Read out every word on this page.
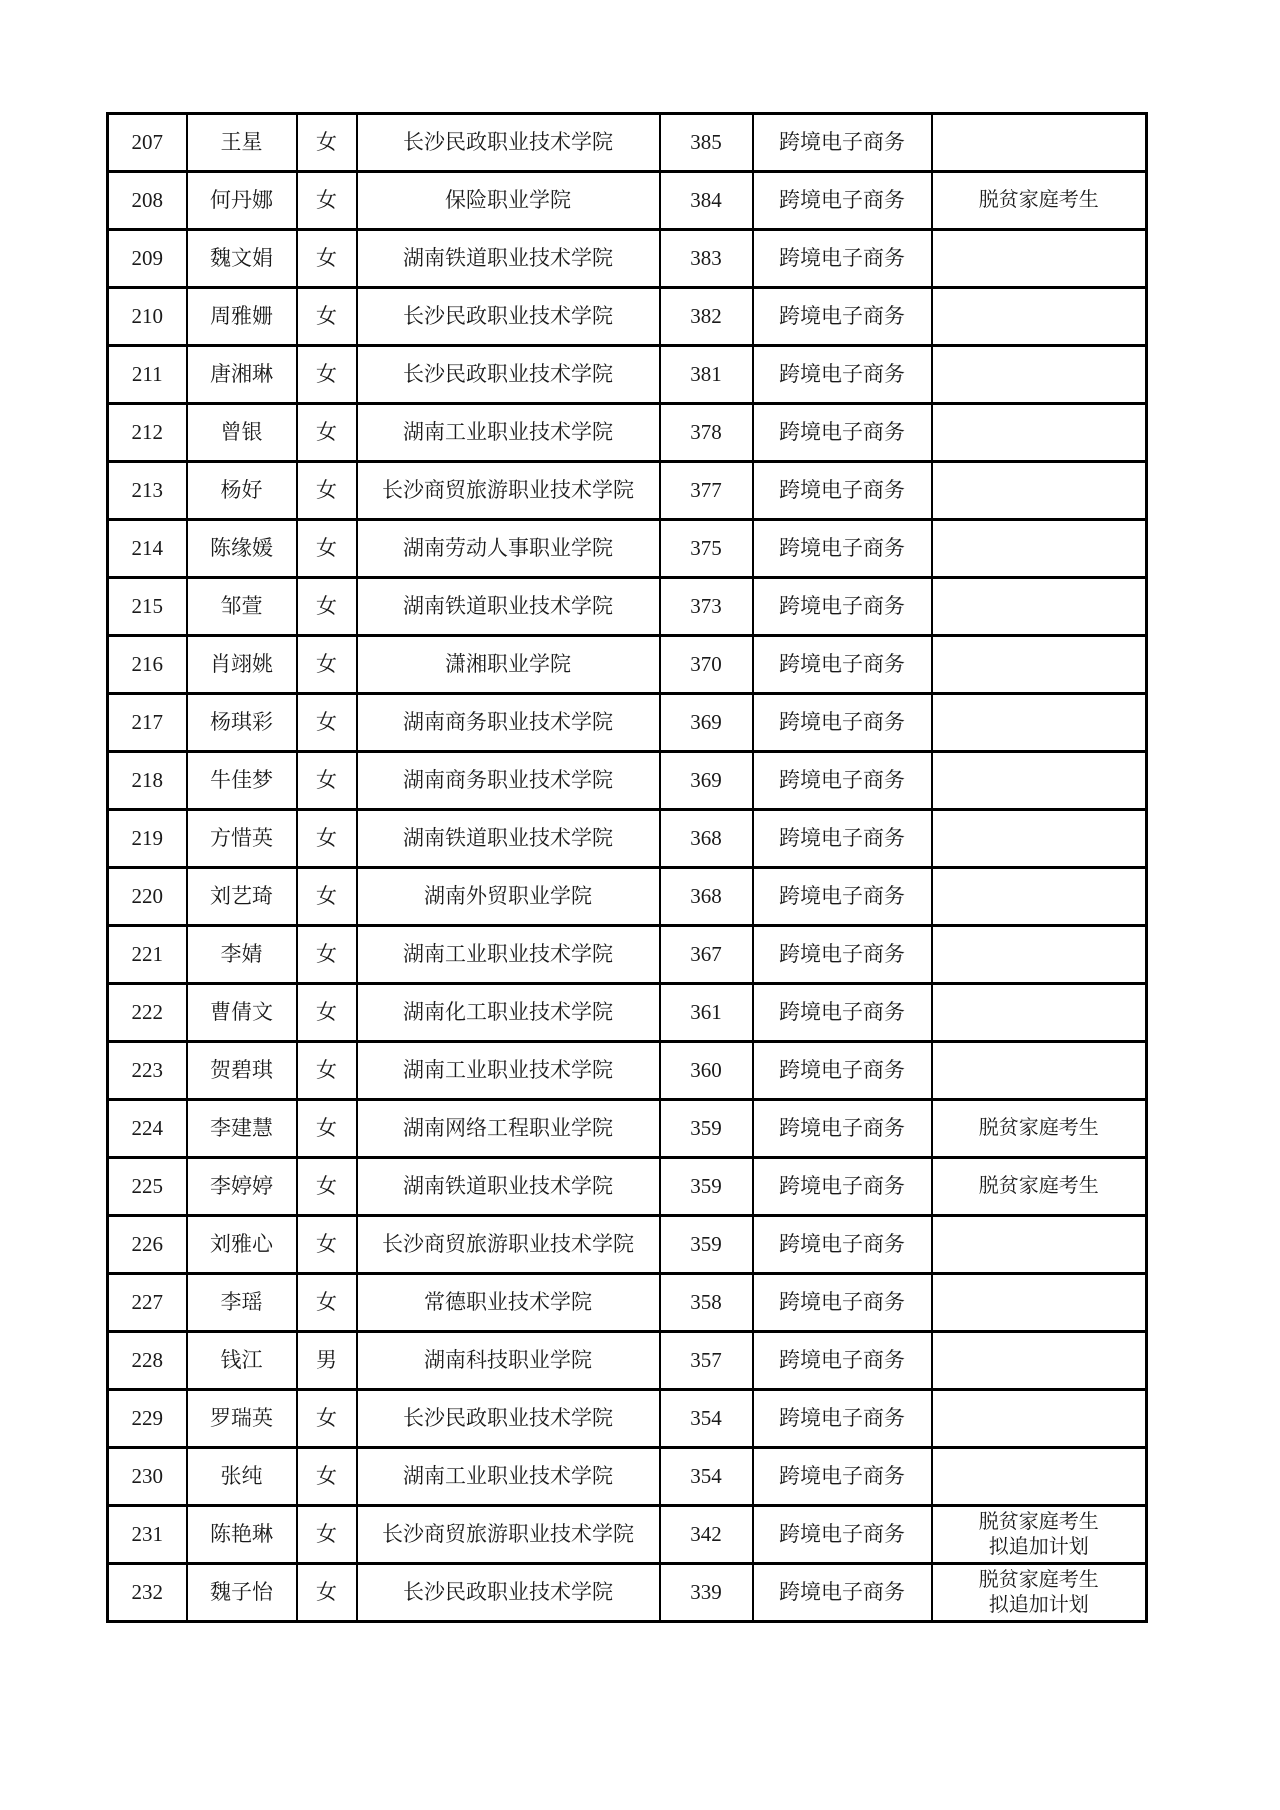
207	王星	女	长沙民政职业技术学院	385	跨境电子商务	
208	何丹娜	女	保险职业学院	384	跨境电子商务	脱贫家庭考生

209	魏文娟	女	湖南铁道职业技术学院	383	跨境电子商务	
210	周雅姗	女	长沙民政职业技术学院	382	跨境电子商务	
211	唐湘琳	女	长沙民政职业技术学院	381	跨境电子商务	
212	曾银	女	湖南工业职业技术学院	378	跨境电子商务	
213	杨好	女	长沙商贸旅游职业技术学院	377	跨境电子商务	
214	陈缘媛	女	湖南劳动人事职业学院	375	跨境电子商务	
215	邹萱	女	湖南铁道职业技术学院	373	跨境电子商务	
216	肖翊姚	女	潇湘职业学院	370	跨境电子商务	
217	杨琪彩	女	湖南商务职业技术学院	369	跨境电子商务	
218	牛佳梦	女	湖南商务职业技术学院	369	跨境电子商务	
219	方惜英	女	湖南铁道职业技术学院	368	跨境电子商务	
220	刘艺琦	女	湖南外贸职业学院	368	跨境电子商务	
221	李婧	女	湖南工业职业技术学院	367	跨境电子商务	
222	曹倩文	女	湖南化工职业技术学院	361	跨境电子商务	
223	贺碧琪	女	湖南工业职业技术学院	360	跨境电子商务	
224	李建慧	女	湖南网络工程职业学院	359	跨境电子商务	脱贫家庭考生

225	李婷婷	女	湖南铁道职业技术学院	359	跨境电子商务	脱贫家庭考生

226	刘雅心	女	长沙商贸旅游职业技术学院	359	跨境电子商务	
227	李瑶	女	常德职业技术学院	358	跨境电子商务	
228	钱江	男	湖南科技职业学院	357	跨境电子商务	
229	罗瑞英	女	长沙民政职业技术学院	354	跨境电子商务	
230	张纯	女	湖南工业职业技术学院	354	跨境电子商务	
231	陈艳琳	女	长沙商贸旅游职业技术学院	342	跨境电子商务	脱贫家庭考生
拟追加计划

232	魏子怡	女	长沙民政职业技术学院	339	跨境电子商务	脱贫家庭考生
拟追加计划
